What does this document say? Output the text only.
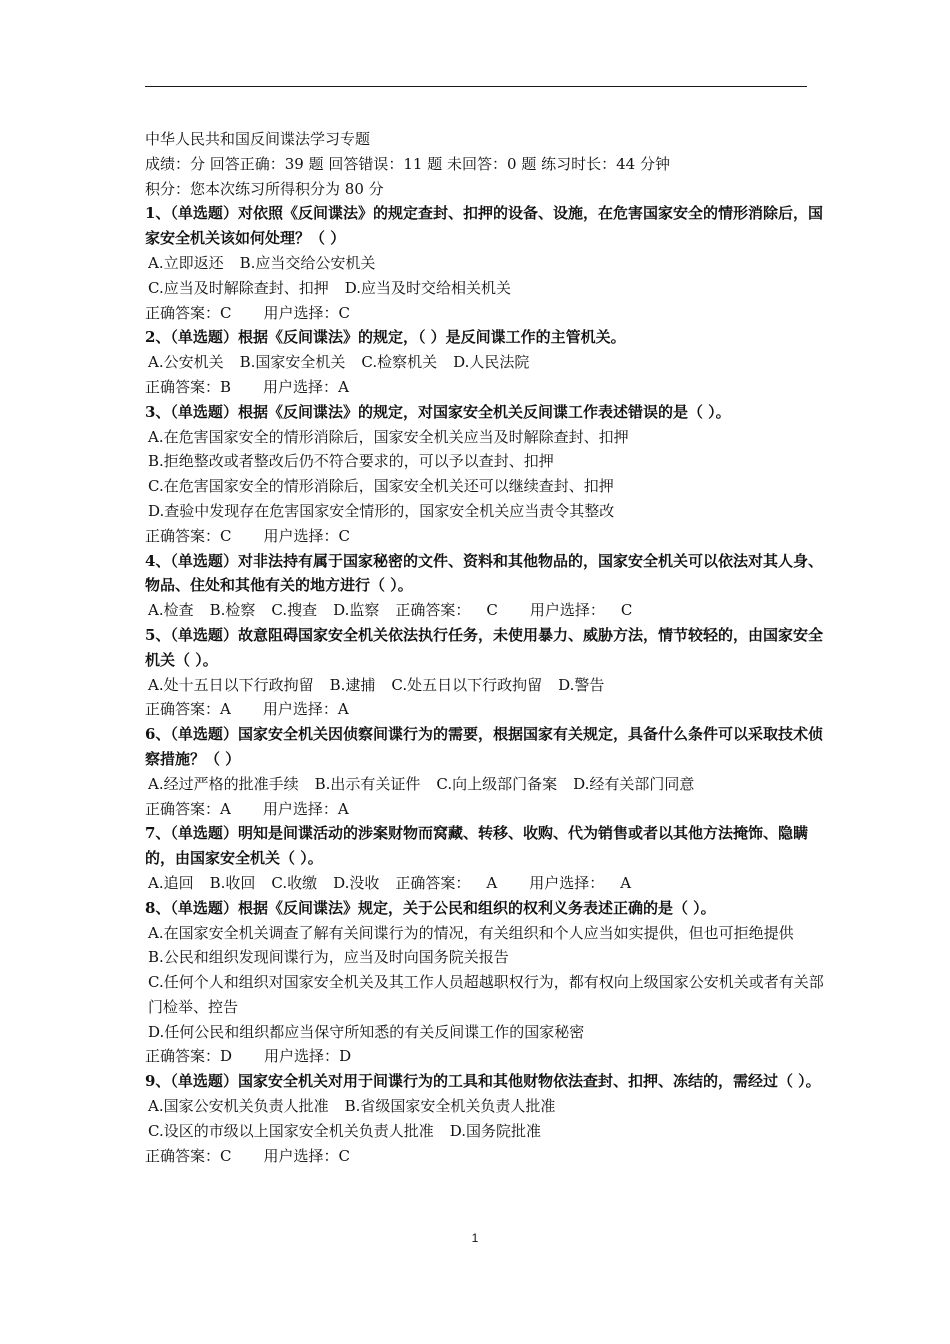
中华人民共和国反间谍法学习专题
成绩：分 回答正确：39 题 回答错误：11 题 未回答：0 题 练习时长：44 分钟
积分：您本次练习所得积分为 80 分
1、（单选题）对依照《反间谍法》的规定查封、扣押的设备、设施，在危害国家安全的情形消除后，国家安全机关该如何处理？（ ）
A.立即返还 B.应当交给公安机关
C.应当及时解除查封、扣押 D.应当及时交给相关机关
正确答案：C 用户选择：C
2、（单选题）根据《反间谍法》的规定，（ ）是反间谍工作的主管机关。
A.公安机关 B.国家安全机关 C.检察机关 D.人民法院
正确答案：B 用户选择：A
3、（单选题）根据《反间谍法》的规定，对国家安全机关反间谍工作表述错误的是（ ）。
A.在危害国家安全的情形消除后，国家安全机关应当及时解除查封、扣押
B.拒绝整改或者整改后仍不符合要求的，可以予以查封、扣押
C.在危害国家安全的情形消除后，国家安全机关还可以继续查封、扣押
D.查验中发现存在危害国家安全情形的，国家安全机关应当责令其整改
正确答案：C 用户选择：C
4、（单选题）对非法持有属于国家秘密的文件、资料和其他物品的，国家安全机关可以依法对其人身、物品、住处和其他有关的地方进行（ ）。
A.检查 B.检察 C.搜查 D.监察 正确答案： C 用户选择： C
5、（单选题）故意阻碍国家安全机关依法执行任务，未使用暴力、威胁方法，情节较轻的，由国家安全机关（ ）。
A.处十五日以下行政拘留 B.逮捕 C.处五日以下行政拘留 D.警告
正确答案：A 用户选择：A
6、（单选题）国家安全机关因侦察间谍行为的需要，根据国家有关规定，具备什么条件可以采取技术侦察措施？（ ）
A.经过严格的批准手续 B.出示有关证件 C.向上级部门备案 D.经有关部门同意
正确答案：A 用户选择：A
7、（单选题）明知是间谍活动的涉案财物而窝藏、转移、收购、代为销售或者以其他方法掩饰、隐瞒的，由国家安全机关（ ）。
A.追回 B.收回 C.收缴 D.没收 正确答案： A 用户选择： A
8、（单选题）根据《反间谍法》规定，关于公民和组织的权利义务表述正确的是（ ）。
A.在国家安全机关调查了解有关间谍行为的情况，有关组织和个人应当如实提供，但也可拒绝提供
B.公民和组织发现间谍行为，应当及时向国务院关报告
C.任何个人和组织对国家安全机关及其工作人员超越职权行为，都有权向上级国家公安机关或者有关部门检举、控告
D.任何公民和组织都应当保守所知悉的有关反间谍工作的国家秘密
正确答案：D 用户选择：D
9、（单选题）国家安全机关对用于间谍行为的工具和其他财物依法查封、扣押、冻结的，需经过（ ）。
A.国家公安机关负责人批准 B.省级国家安全机关负责人批准
C.设区的市级以上国家安全机关负责人批准 D.国务院批准
正确答案：C 用户选择：C
1
